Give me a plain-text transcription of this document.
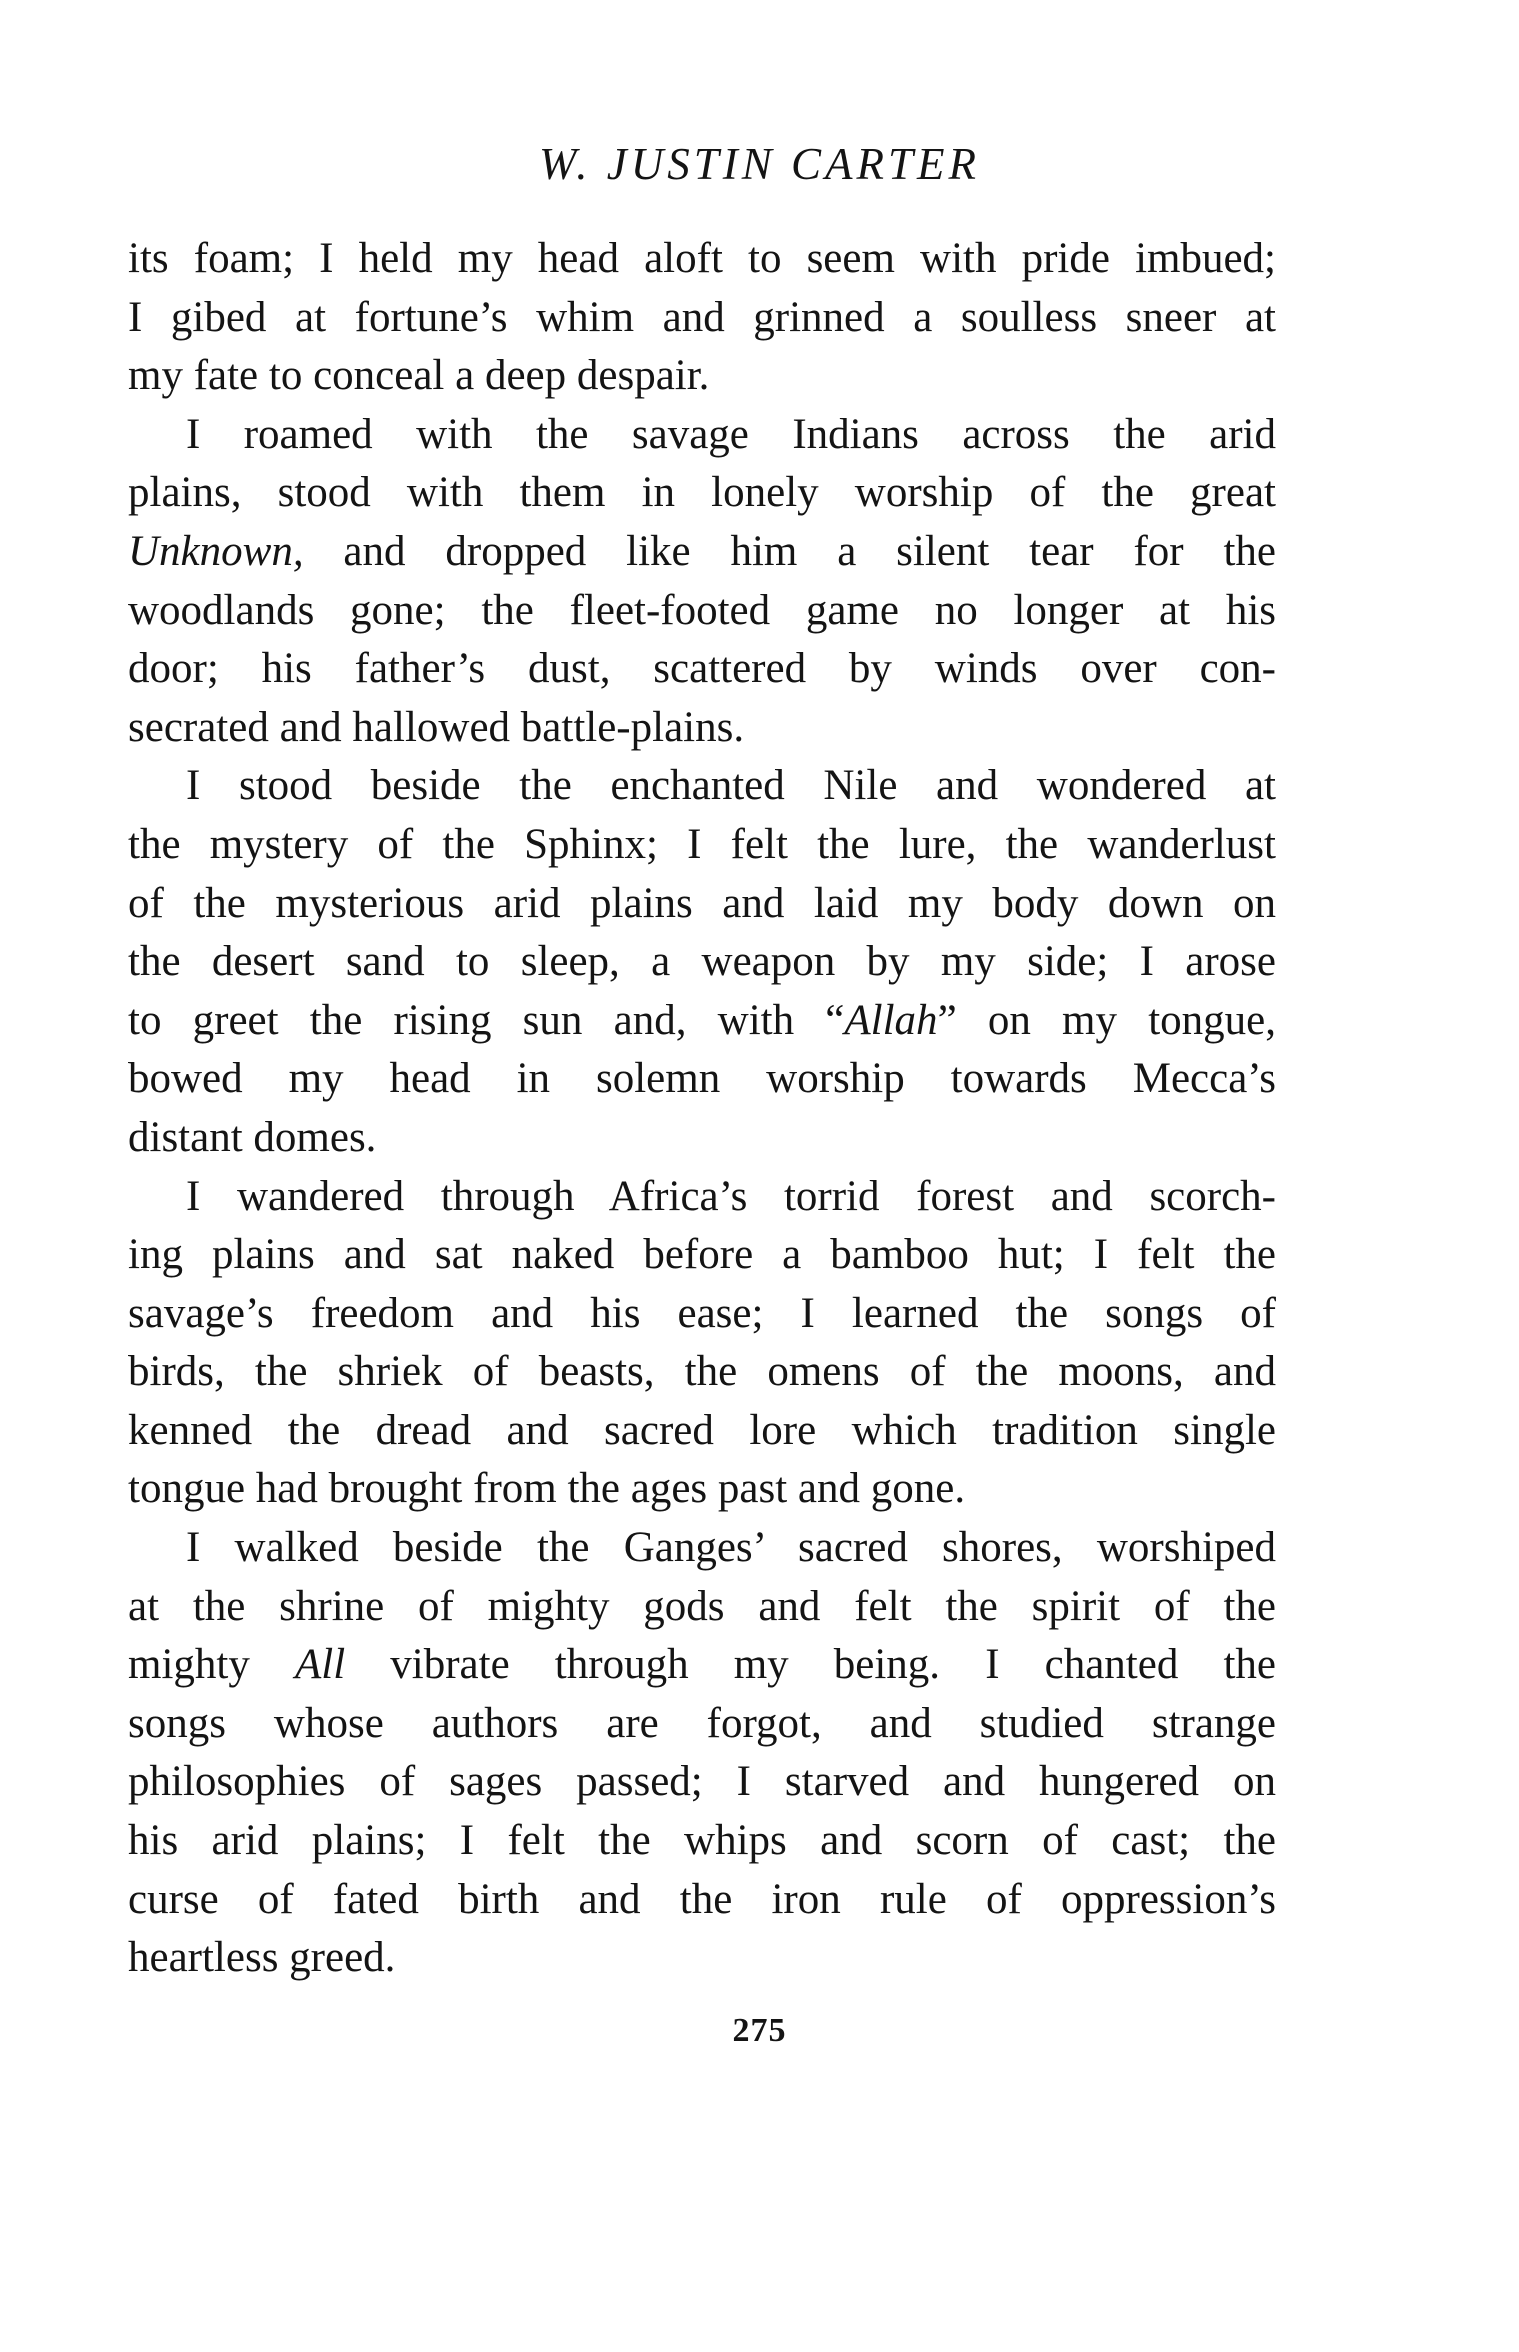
W. JUSTIN CARTER
its foam; I held my head aloft to seem with pride imbued;
I gibed at fortune’s whim and grinned a soulless sneer at
my fate to conceal a deep despair.
I roamed with the savage Indians across the arid
plains, stood with them in lonely worship of the great
Unknown, and dropped like him a silent tear for the
woodlands gone; the fleet-footed game no longer at his
door; his father’s dust, scattered by winds over con-
secrated and hallowed battle-plains.
I stood beside the enchanted Nile and wondered at
the mystery of the Sphinx; I felt the lure, the wanderlust
of the mysterious arid plains and laid my body down on
the desert sand to sleep, a weapon by my side; I arose
to greet the rising sun and, with “Allah” on my tongue,
bowed my head in solemn worship towards Mecca’s
distant domes.
I wandered through Africa’s torrid forest and scorch-
ing plains and sat naked before a bamboo hut; I felt the
savage’s freedom and his ease; I learned the songs of
birds, the shriek of beasts, the omens of the moons, and
kenned the dread and sacred lore which tradition single
tongue had brought from the ages past and gone.
I walked beside the Ganges’ sacred shores, worshiped
at the shrine of mighty gods and felt the spirit of the
mighty All vibrate through my being. I chanted the
songs whose authors are forgot, and studied strange
philosophies of sages passed; I starved and hungered on
his arid plains; I felt the whips and scorn of cast; the
curse of fated birth and the iron rule of oppression’s
heartless greed.
275
